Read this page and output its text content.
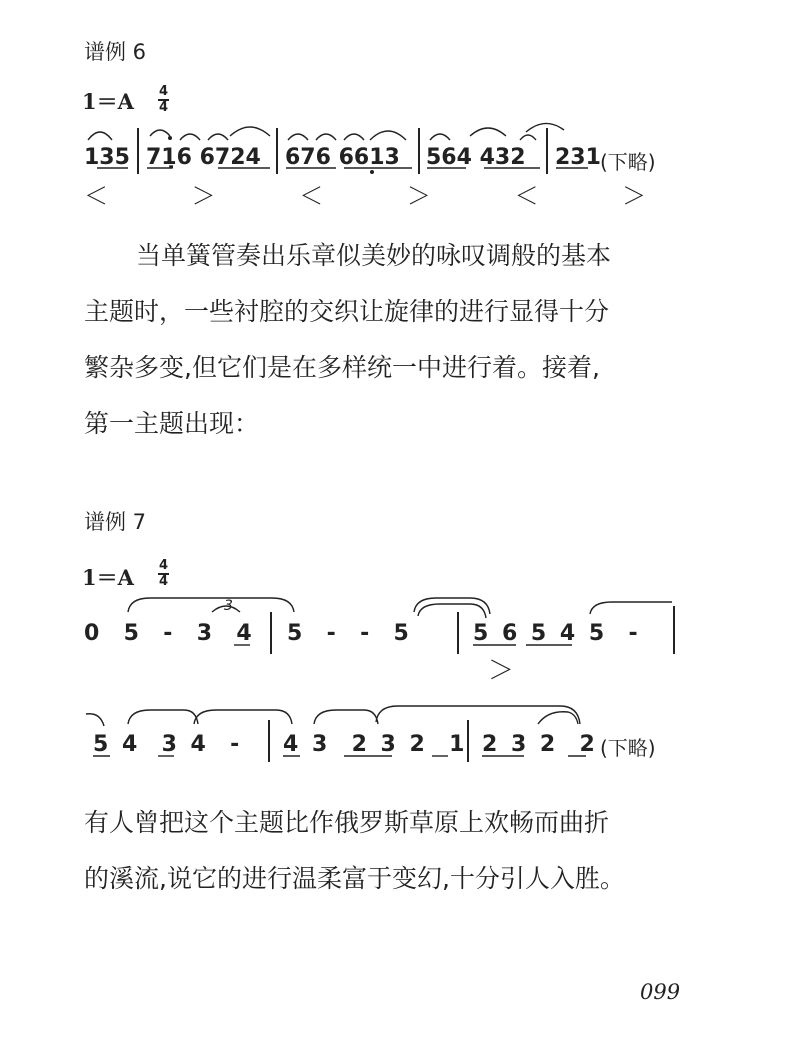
谱例 6
1＝A 4
4
135 71̣6 6724 676 6613 564 432 231 (下略)
＜ ＞ ＜ ＞ ＜ ＞
当单簧管奏出乐章似美妙的咏叹调般的基本
主题时，一些衬腔的交织让旋律的进行显得十分
繁杂多变,但它们是在多样统一中进行着。接着,
第一主题出现：
谱例 7
1＝A 4
4
0  5  -  3  4
3
5  -  -  5	5 6 5 4 5  -
＞
5 4  3 4  - 4 3  2 3 2  1 2 3 2  2 (下略)
有人曾把这个主题比作俄罗斯草原上欢畅而曲折
的溪流,说它的进行温柔富于变幻,十分引人入胜。
099
